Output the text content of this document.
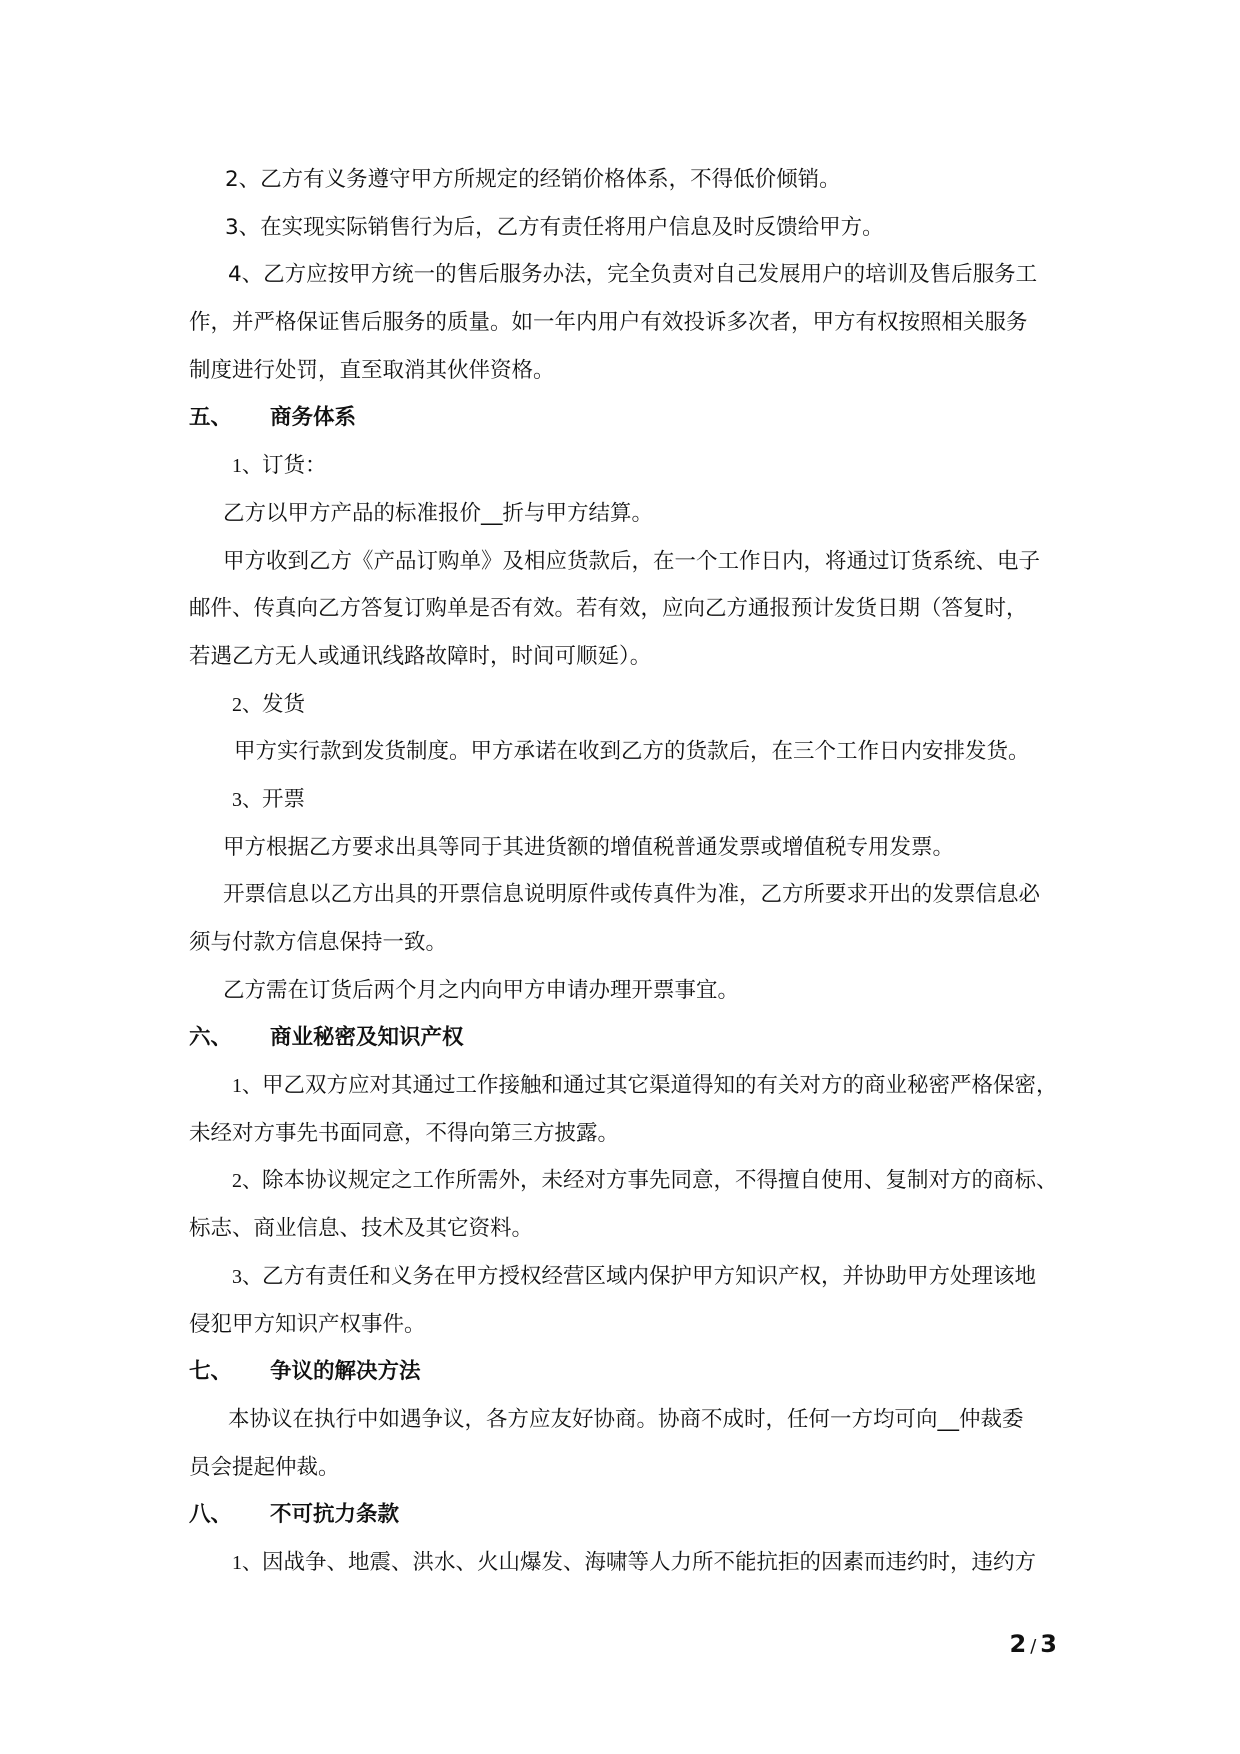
2、乙方有义务遵守甲方所规定的经销价格体系，不得低价倾销。
3、在实现实际销售行为后，乙方有责任将用户信息及时反馈给甲方。
4、乙方应按甲方统一的售后服务办法，完全负责对自己发展用户的培训及售后服务工
作，并严格保证售后服务的质量。如一年内用户有效投诉多次者，甲方有权按照相关服务
制度进行处罚，直至取消其伙伴资格。
五、 商务体系
1、订货：
乙方以甲方产品的标准报价__折与甲方结算。
甲方收到乙方《产品订购单》及相应货款后，在一个工作日内，将通过订货系统、电子
邮件、传真向乙方答复订购单是否有效。若有效，应向乙方通报预计发货日期（答复时，
若遇乙方无人或通讯线路故障时，时间可顺延）。
2、发货
甲方实行款到发货制度。甲方承诺在收到乙方的货款后，在三个工作日内安排发货。
3、开票
甲方根据乙方要求出具等同于其进货额的增值税普通发票或增值税专用发票。
开票信息以乙方出具的开票信息说明原件或传真件为准，乙方所要求开出的发票信息必
须与付款方信息保持一致。
乙方需在订货后两个月之内向甲方申请办理开票事宜。
六、 商业秘密及知识产权
1、甲乙双方应对其通过工作接触和通过其它渠道得知的有关对方的商业秘密严格保密，
未经对方事先书面同意，不得向第三方披露。
2、除本协议规定之工作所需外，未经对方事先同意，不得擅自使用、复制对方的商标、
标志、商业信息、技术及其它资料。
3、乙方有责任和义务在甲方授权经营区域内保护甲方知识产权，并协助甲方处理该地
侵犯甲方知识产权事件。
七、 争议的解决方法
本协议在执行中如遇争议，各方应友好协商。协商不成时，任何一方均可向__仲裁委
员会提起仲裁。
八、 不可抗力条款
1、因战争、地震、洪水、火山爆发、海啸等人力所不能抗拒的因素而违约时，违约方
2 / 3
